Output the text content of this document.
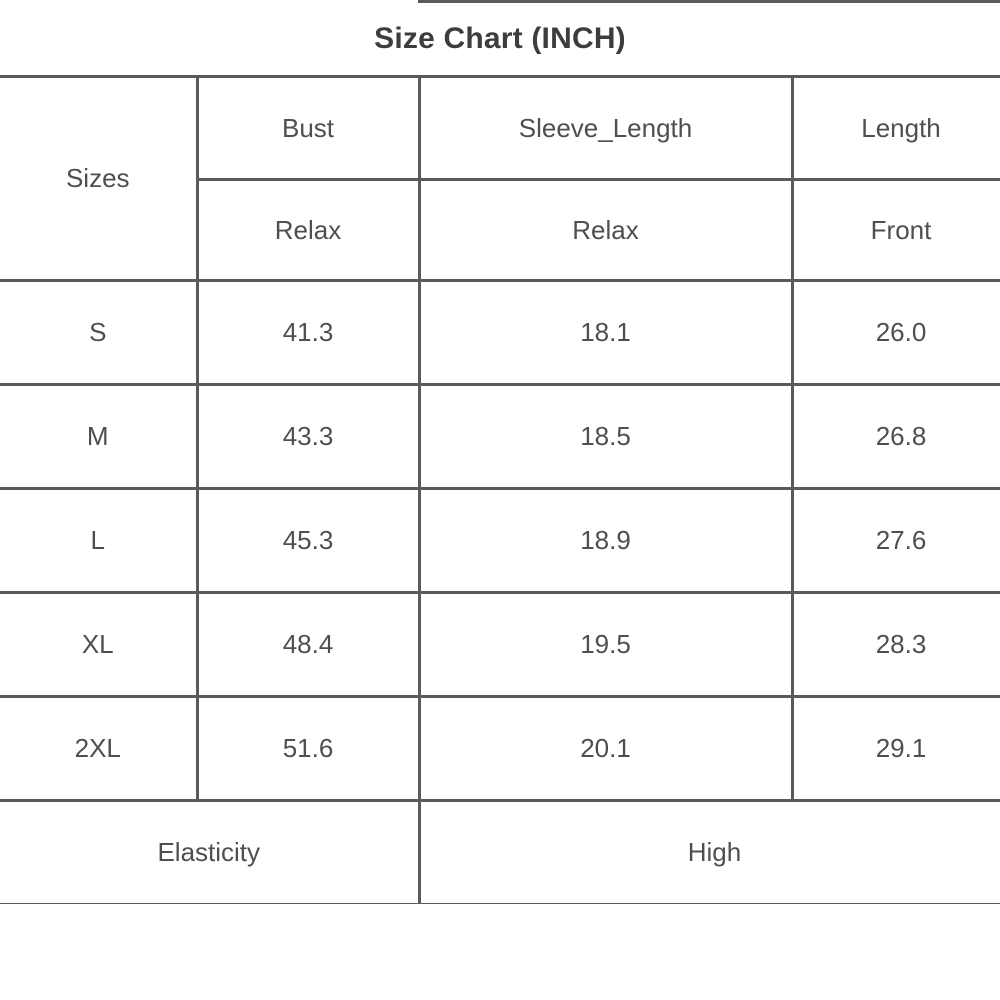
Size Chart (INCH)
Sizes	Bust	Sleeve_Length	Length
	Relax	Relax	Front
S	41.3	18.1	26.0
M	43.3	18.5	26.8
L	45.3	18.9	27.6
XL	48.4	19.5	28.3
2XL	51.6	20.1	29.1
Elasticity		High	
